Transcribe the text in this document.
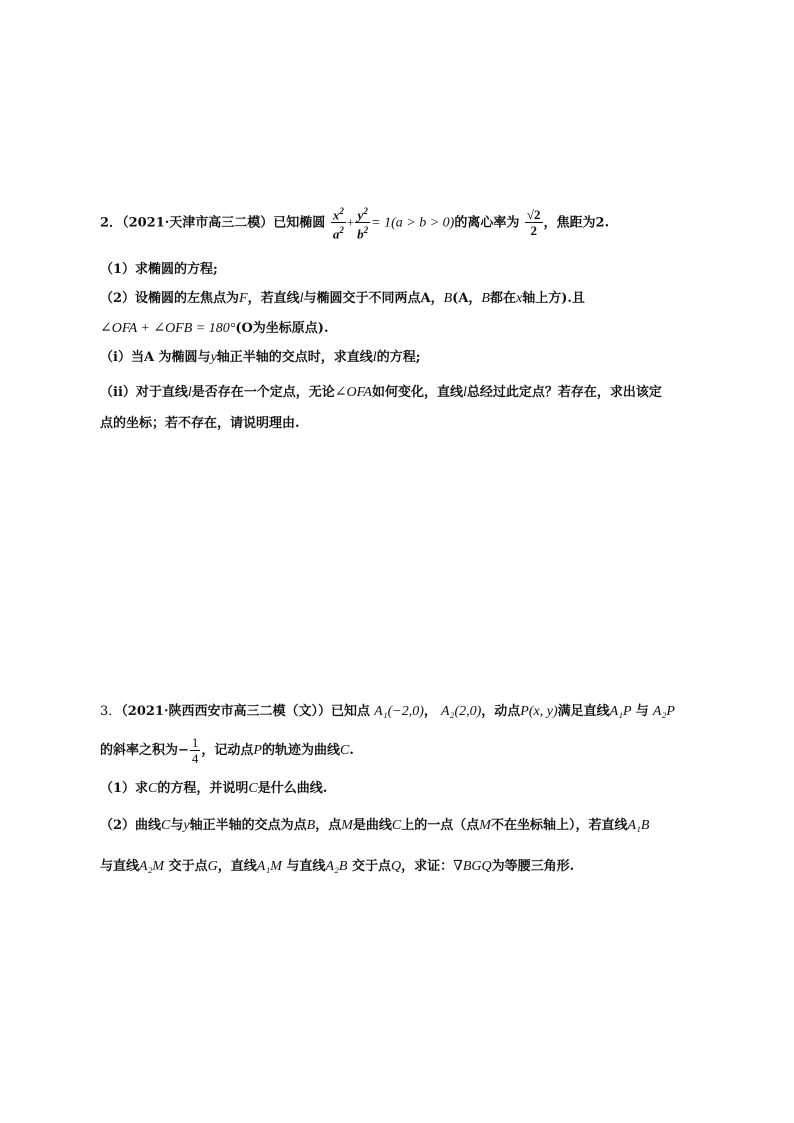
2．（2021·天津市高三二模）已知椭圆 $\frac{x^2}{a^2} + \frac{y^2}{b^2} = 1(a > b > 0)$的离心率为 $\frac{√2}{2}$ ，焦距为2.
（1）求椭圆的方程;
（2）设椭圆的左焦点为F，若直线l与椭圆交于不同两点A，B(A，B都在x轴上方).且
∠OFA + ∠OFB = 180°(O为坐标原点).
（i）当A 为椭圆与y轴正半轴的交点时，求直线l的方程;
（ii）对于直线l是否存在一个定点，无论∠OFA如何变化，直线l总经过此定点？若存在，求出该定
点的坐标；若不存在，请说明理由.
3．（2021·陕西西安市高三二模（文））已知点 A₁(−2,0)， A₂(2,0)，动点P(x, y)满足直线A₁P 与 A₂P
的斜率之积为− $\frac{1}{4}$ ，记动点P的轨迹为曲线C.
（1）求C的方程，并说明C是什么曲线.
（2）曲线C与y轴正半轴的交点为点B，点M是曲线C上的一点（点M不在坐标轴上），若直线A₁B
与直线A₂M 交于点G，直线A₁M 与直线A₂B 交于点Q，求证：∇BGQ为等腰三角形.
